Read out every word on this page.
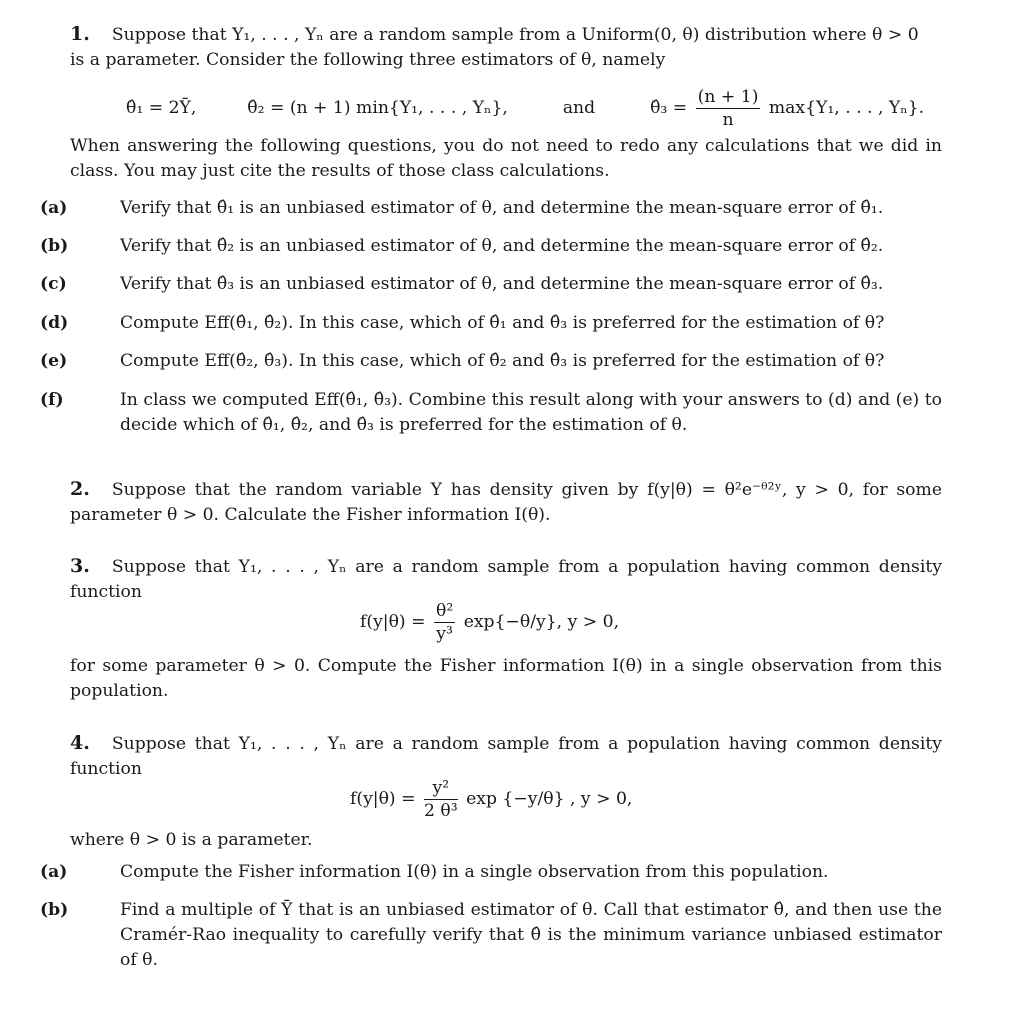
1. Suppose that Y₁, . . . , Yₙ are a random sample from a Uniform(0, θ) distribution where θ > 0

is a parameter. Consider the following three estimators of θ, namely

θ̂₁ = 2Ȳ,	θ̂₂ = (n + 1) min{Y₁, . . . , Yₙ},	and	θ̂₃ = $\frac{(n + 1)}{n} \max\{Y_1$, . . . , Yₙ}.

When answering the following questions, you do not need to redo any calculations that we did in class. You may just cite the results of those class calculations.

(a)	Verify that θ̂₁ is an unbiased estimator of θ, and determine the mean-square error of θ̂₁.

(b)	Verify that θ̂₂ is an unbiased estimator of θ, and determine the mean-square error of θ̂₂.

(c)	Verify that θ̂₃ is an unbiased estimator of θ, and determine the mean-square error of θ̂₃.

(d)	Compute Eff(θ̂₁, θ̂₂). In this case, which of θ̂₁ and θ̂₃ is preferred for the estimation of θ?

(e)	Compute Eff(θ̂₂, θ̂₃). In this case, which of θ̂₂ and θ̂₃ is preferred for the estimation of θ?

(f)	In class we computed Eff(θ̂₁, θ̂₃). Combine this result along with your answers to (d) and (e) to decide which of θ̂₁, θ̂₂, and θ̂₃ is preferred for the estimation of θ.

2. Suppose that the random variable Y has density given by f(y|θ) = θ²e⁻ᶿ²ʸ, y > 0, for some parameter θ > 0. Calculate the Fisher information I(θ).

3. Suppose that Y₁, . . . , Yₙ are a random sample from a population having common density function

$f(y|\theta) = \frac{\text{θ²}}{\text{y³}} \exp\{-\theta/y\}$, y > 0,

for some parameter θ > 0. Compute the Fisher information I(θ) in a single observation from this population.

4. Suppose that Y₁, . . . , Yₙ are a random sample from a population having common density function

$f(y|\theta) = \frac{\text{y²}}{\text{2 θ³}}$ exp {−y/θ} , y > 0,

where θ > 0 is a parameter.

(a)	Compute the Fisher information I(θ) in a single observation from this population.

(b)	Find a multiple of Ȳ that is an unbiased estimator of θ. Call that estimator θ̂, and then use the Cramér-Rao inequality to carefully verify that θ̂ is the minimum variance unbiased estimator of θ.
